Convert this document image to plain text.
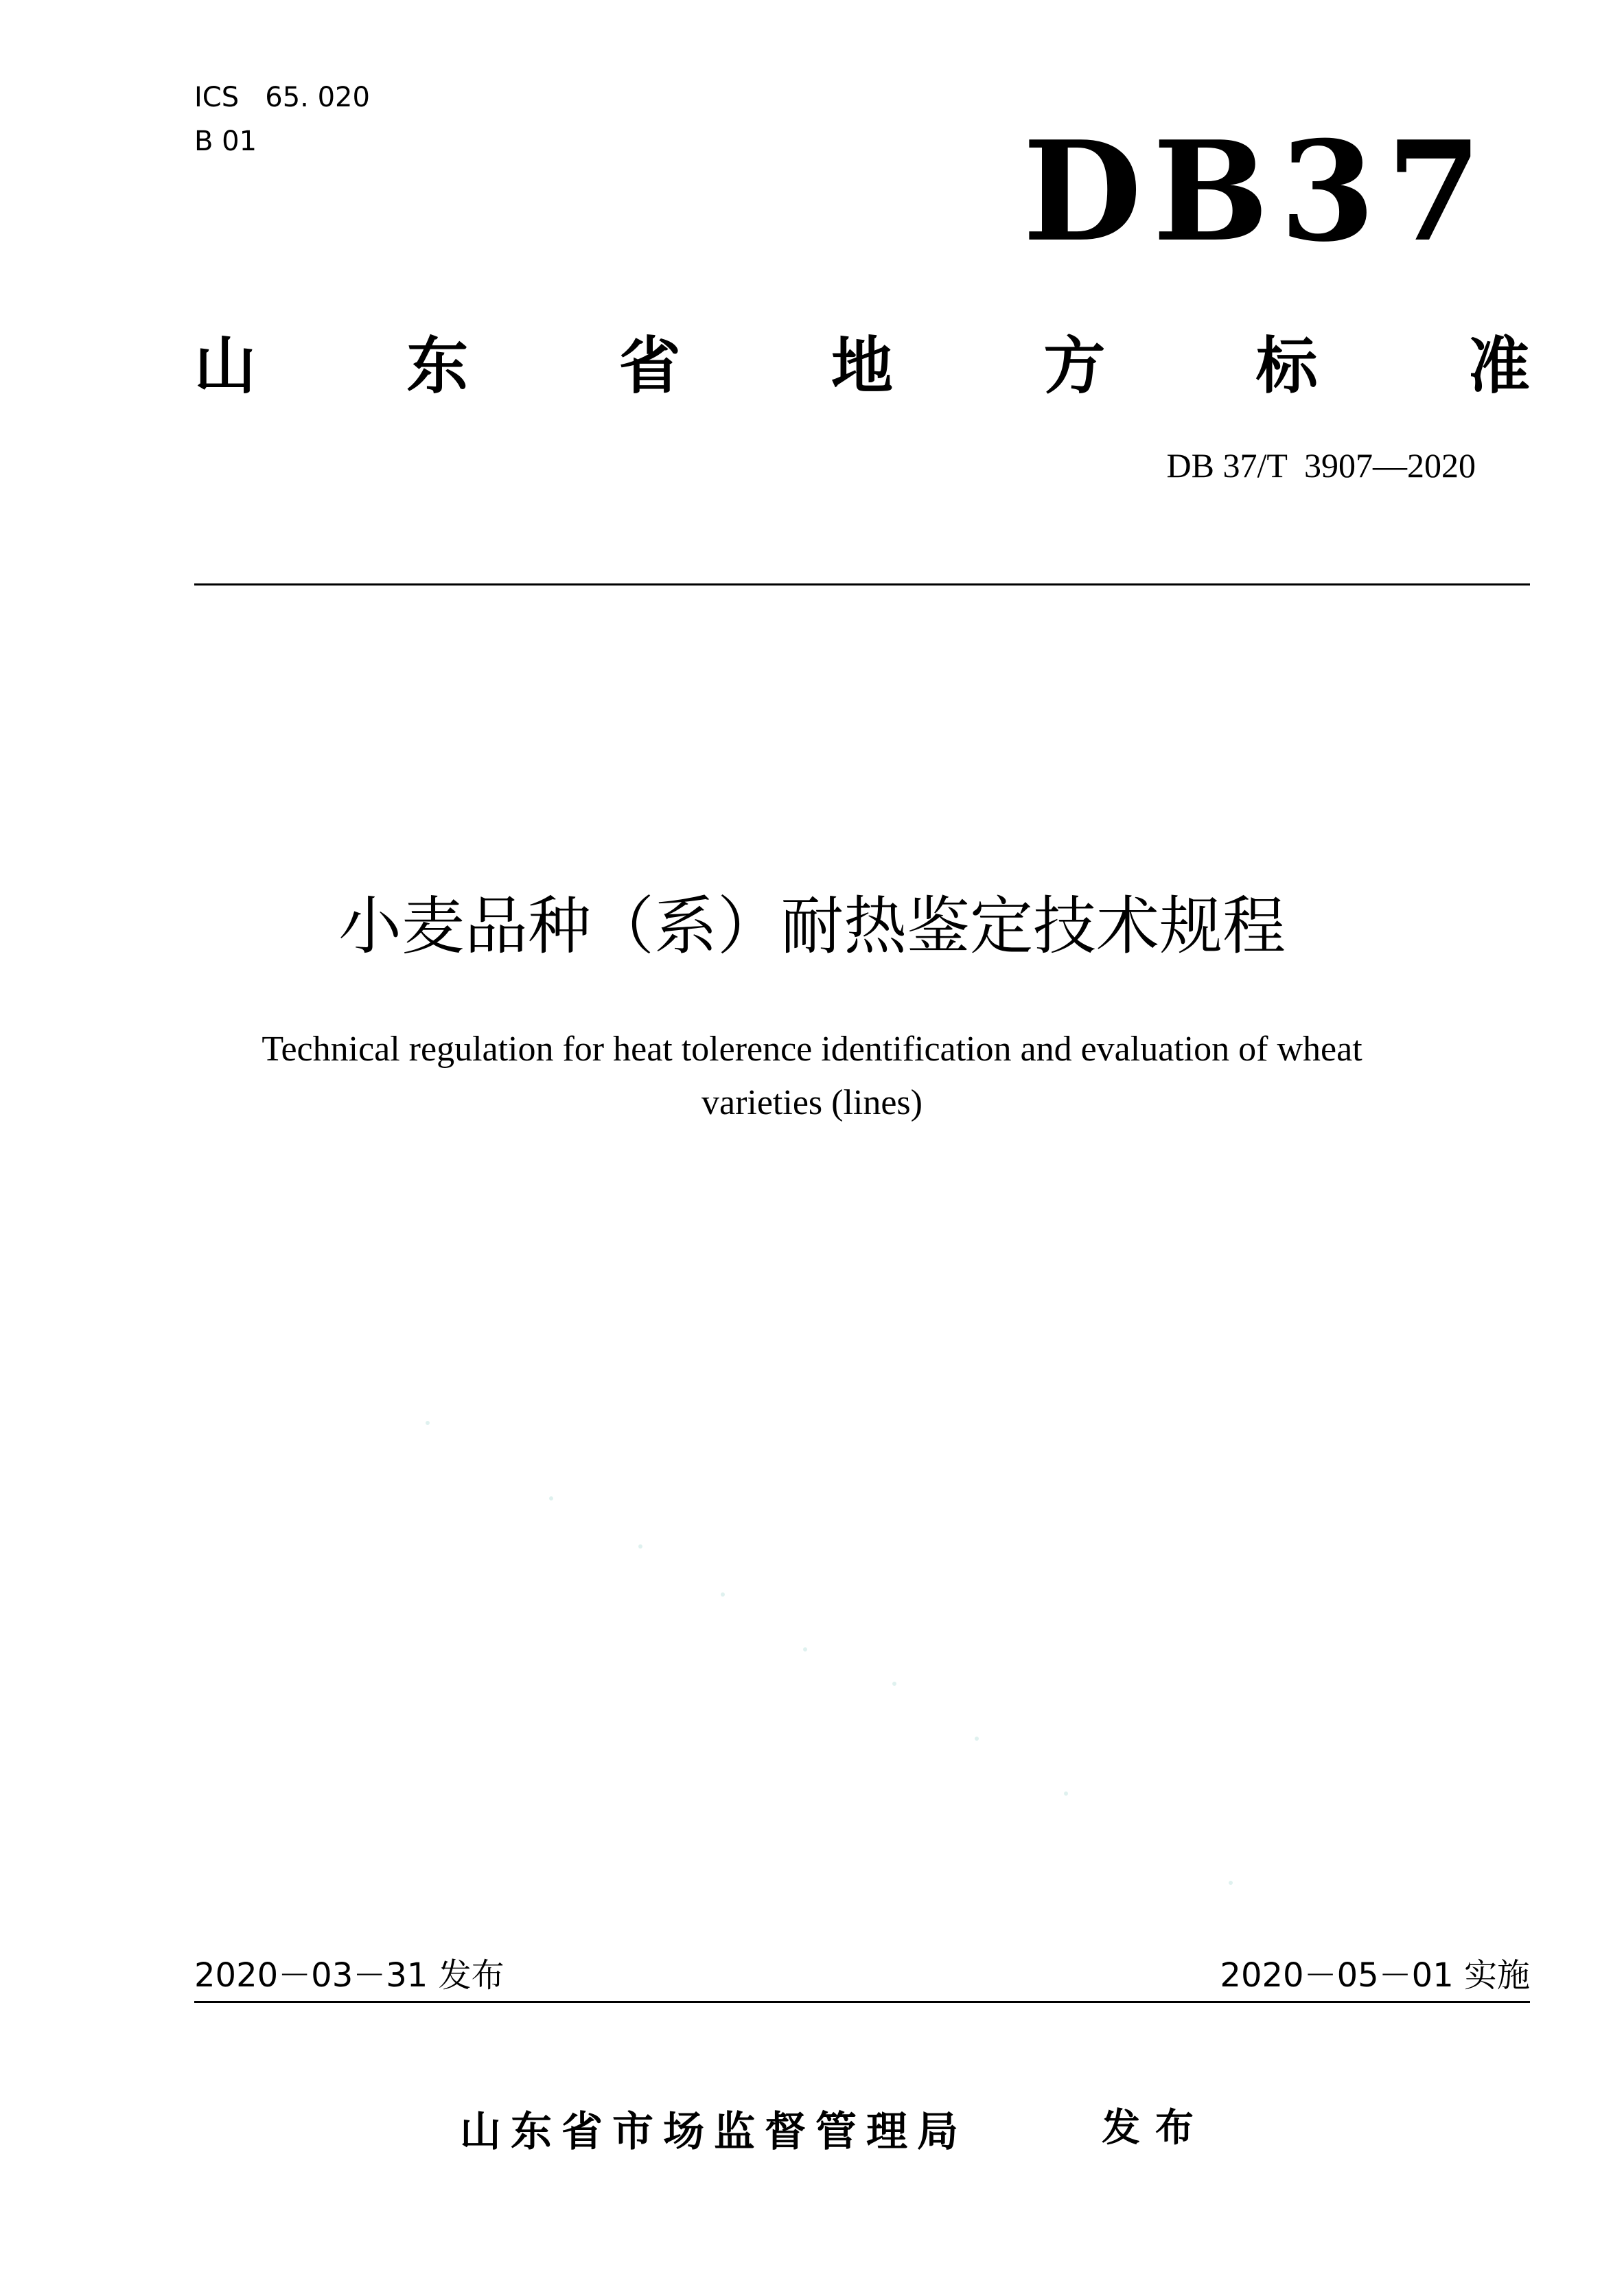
ICS   65. 020
B 01	DB37
山 东 省 地 方 标 准
DB 37/T  3907—2020
小麦品种（系）耐热鉴定技术规程
Technical regulation for heat tolerence identification and evaluation of wheat
varieties (lines)
2020－03－31 发布	2020－05－01 实施
山东省市场监督管理局	发布
